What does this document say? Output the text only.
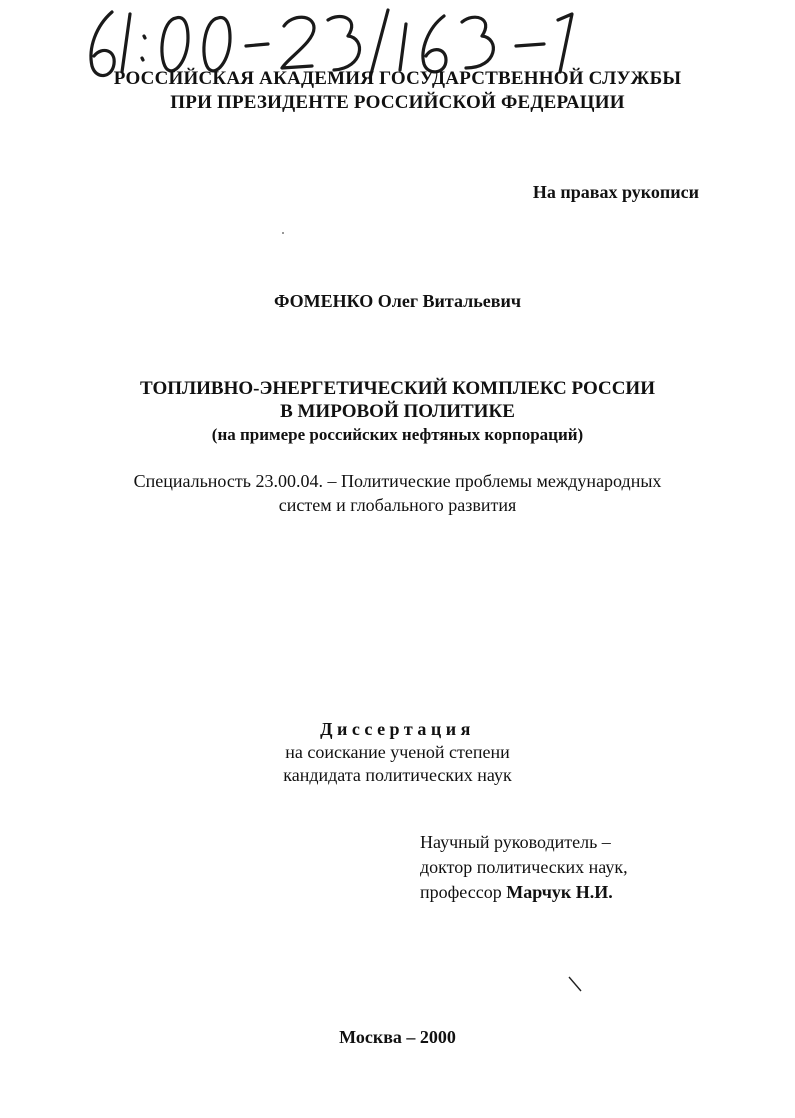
РОССИЙСКАЯ АКАДЕМИЯ ГОСУДАРСТВЕННОЙ СЛУЖБЫ
ПРИ ПРЕЗИДЕНТЕ РОССИЙСКОЙ ФЕДЕРАЦИИ
На правах рукописи
ФОМЕНКО Олег Витальевич
ТОПЛИВНО-ЭНЕРГЕТИЧЕСКИЙ КОМПЛЕКС РОССИИ
В МИРОВОЙ ПОЛИТИКЕ
(на примере российских нефтяных корпораций)
Специальность 23.00.04. – Политические проблемы международных
систем и глобального развития
Диссертация
на соискание ученой степени
кандидата политических наук
Научный руководитель –
доктор политических наук,
профессор Марчук Н.И.
Москва – 2000
